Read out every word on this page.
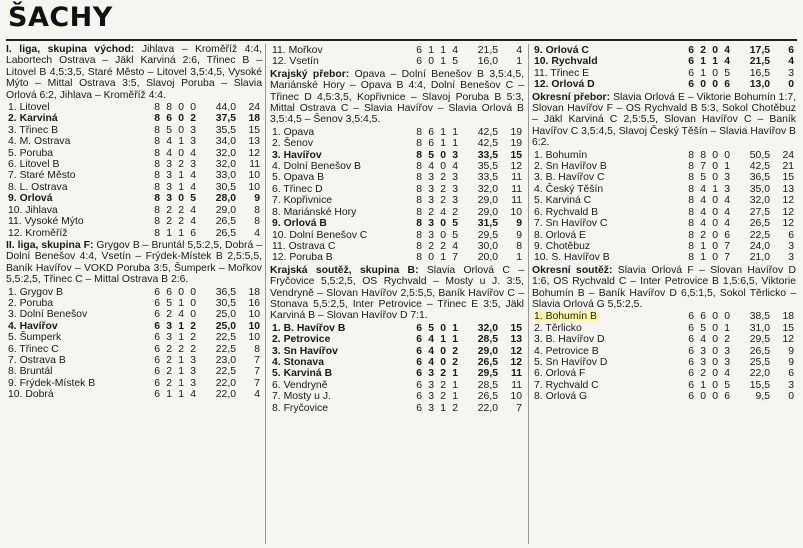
ŠACHY

I. liga, skupina východ: Jihlava – Kroměříž 4:4, Labortech Ostrava – Jäkl Karviná 2:6, Třinec B – Litovel B 4,5:3,5, Staré Město – Litovel 3,5:4,5, Vysoké Mýto – Mittal Ostrava 3:5, Slavoj Poruba – Slavia Orlová 6:2, Jihlava – Kroměříž 4:4.

1. Litovel	8	8	0	0	44,0	24
2. Karviná	8	6	0	2	37,5	18
3. Třinec B	8	5	0	3	35,5	15
4. M. Ostrava	8	4	1	3	34,0	13
5. Poruba	8	4	0	4	32,0	12
6. Litovel B	8	3	2	3	32,0	11
7. Staré Město	8	3	1	4	33,0	10
8. L. Ostrava	8	3	1	4	30,5	10
9. Orlová	8	3	0	5	28,0	9
10. Jihlava	8	2	2	4	29,0	8
11. Vysoké Mýto	8	2	2	4	26,5	8
12. Kroměříž	8	1	1	6	26,5	4

II. liga, skupina F: Grygov B – Bruntál 5,5:2,5, Dobrá – Dolní Benešov 4:4, Vsetín – Frýdek-Místek B 2,5:5,5, Baník Havířov – VOKD Poruba 3:5, Šumperk – Mořkov 5,5:2,5, Třinec C – Mittal Ostrava B 2:6.

1. Grygov B	6	6	0	0	36,5	18
2. Poruba	6	5	1	0	30,5	16
3. Dolní Benešov	6	2	4	0	25,0	10
4. Havířov	6	3	1	2	25,0	10
5. Šumperk	6	3	1	2	22,5	10
6. Třinec C	6	2	2	2	22,5	8
7. Ostrava B	6	2	1	3	23,0	7
8. Bruntál	6	2	1	3	22,5	7
9. Frýdek-Místek B	6	2	1	3	22,0	7
10. Dobrá	6	1	1	4	22,0	4
11. Mořkov	6	1	1	4	21,5	4
12. Vsetín	6	0	1	5	16,0	1

Krajský přebor: Opava – Dolní Benešov B 3,5:4,5, Mariánské Hory – Opava B 4:4, Dolní Benešov C – Třinec D 4,5:3,5, Kopřivnice – Slavoj Poruba B 5:3, Mittal Ostrava C – Slavia Havířov – Slavia Orlová B 3,5:4,5 – Šenov 3,5:4,5.

1. Opava	8	6	1	1	42,5	19
2. Šenov	8	6	1	1	42,5	19
3. Havířov	8	5	0	3	33,5	15
4. Dolní Benešov B	8	4	0	4	35,5	12
5. Opava B	8	3	2	3	33,5	11
6. Třinec D	8	3	2	3	32,0	11
7. Kopřivnice	8	3	2	3	29,0	11
8. Mariánské Hory	8	2	4	2	29,0	10
9. Orlová B	8	3	0	5	31,5	9
10. Dolní Benešov C	8	3	0	5	29,5	9
11. Ostrava C	8	2	2	4	30,0	8
12. Poruba B	8	0	1	7	20,0	1

Krajská soutěž, skupina B: Slavia Orlová C – Fryčovice 5,5:2,5, OS Rychvald – Mosty u J. 3:5, Vendryně – Slovan Havířov 2,5:5,5, Baník Havířov C – Stonava 5,5:2,5, Inter Petrovice – Třinec E 3:5, Jäkl Karviná B – Slovan Havířov D 7:1.

1. B. Havířov B	6	5	0	1	32,0	15
2. Petrovice	6	4	1	1	28,5	13
3. Sn Havířov	6	4	0	2	29,0	12
4. Stonava	6	4	0	2	26,5	12
5. Karviná B	6	3	2	1	29,5	11
6. Vendryně	6	3	2	1	28,5	11
7. Mosty u J.	6	3	2	1	26,5	10
8. Fryčovice	6	3	1	2	22,0	7
9. Orlová C	6	2	0	4	17,5	6
10. Rychvald	6	1	1	4	21,5	4
11. Třinec E	6	1	0	5	16,5	3
12. Orlová D	6	0	0	6	13,0	0

Okresní přebor: Slavia Orlová E – Viktorie Bohumín 1:7, Slovan Havířov F – OS Rychvald B 5:3, Sokol Chotěbuz – Jäkl Karviná C 2,5:5,5, Slovan Havířov C – Baník Havířov C 3,5:4,5, Slavoj Český Těšín – Slavia Havířov B 6:2.

1. Bohumín	8	8	0	0	50,5	24
2. Sn Havířov B	8	7	0	1	42,5	21
3. B. Havířov C	8	5	0	3	36,5	15
4. Český Těšín	8	4	1	3	35,0	13
5. Karviná C	8	4	0	4	32,0	12
6. Rychvald B	8	4	0	4	27,5	12
7. Sn Havířov C	8	4	0	4	26,5	12
8. Orlová E	8	2	0	6	22,5	6
9. Chotěbuz	8	1	0	7	24,0	3
10. S. Havířov B	8	1	0	7	21,0	3

Okresní soutěž: Slavia Orlová F – Slovan Havířov D 1:6, OS Rychvald C – Inter Petrovice B 1,5:6,5, Viktorie Bohumín B – Baník Havířov D 6,5:1,5, Sokol Těrlicko – Slavia Orlová G 5,5:2,5.

1. Bohumín B	6	6	0	0	38,5	18
2. Těrlicko	6	5	0	1	31,0	15
3. B. Havířov D	6	4	0	2	29,5	12
4. Petrovice B	6	3	0	3	26,5	9
5. Sn Havířov D	6	3	0	3	25,5	9
6. Orlová F	6	2	0	4	22,0	6
7. Rychvald C	6	1	0	5	15,5	3
8. Orlová G	6	0	0	6	9,5	0
